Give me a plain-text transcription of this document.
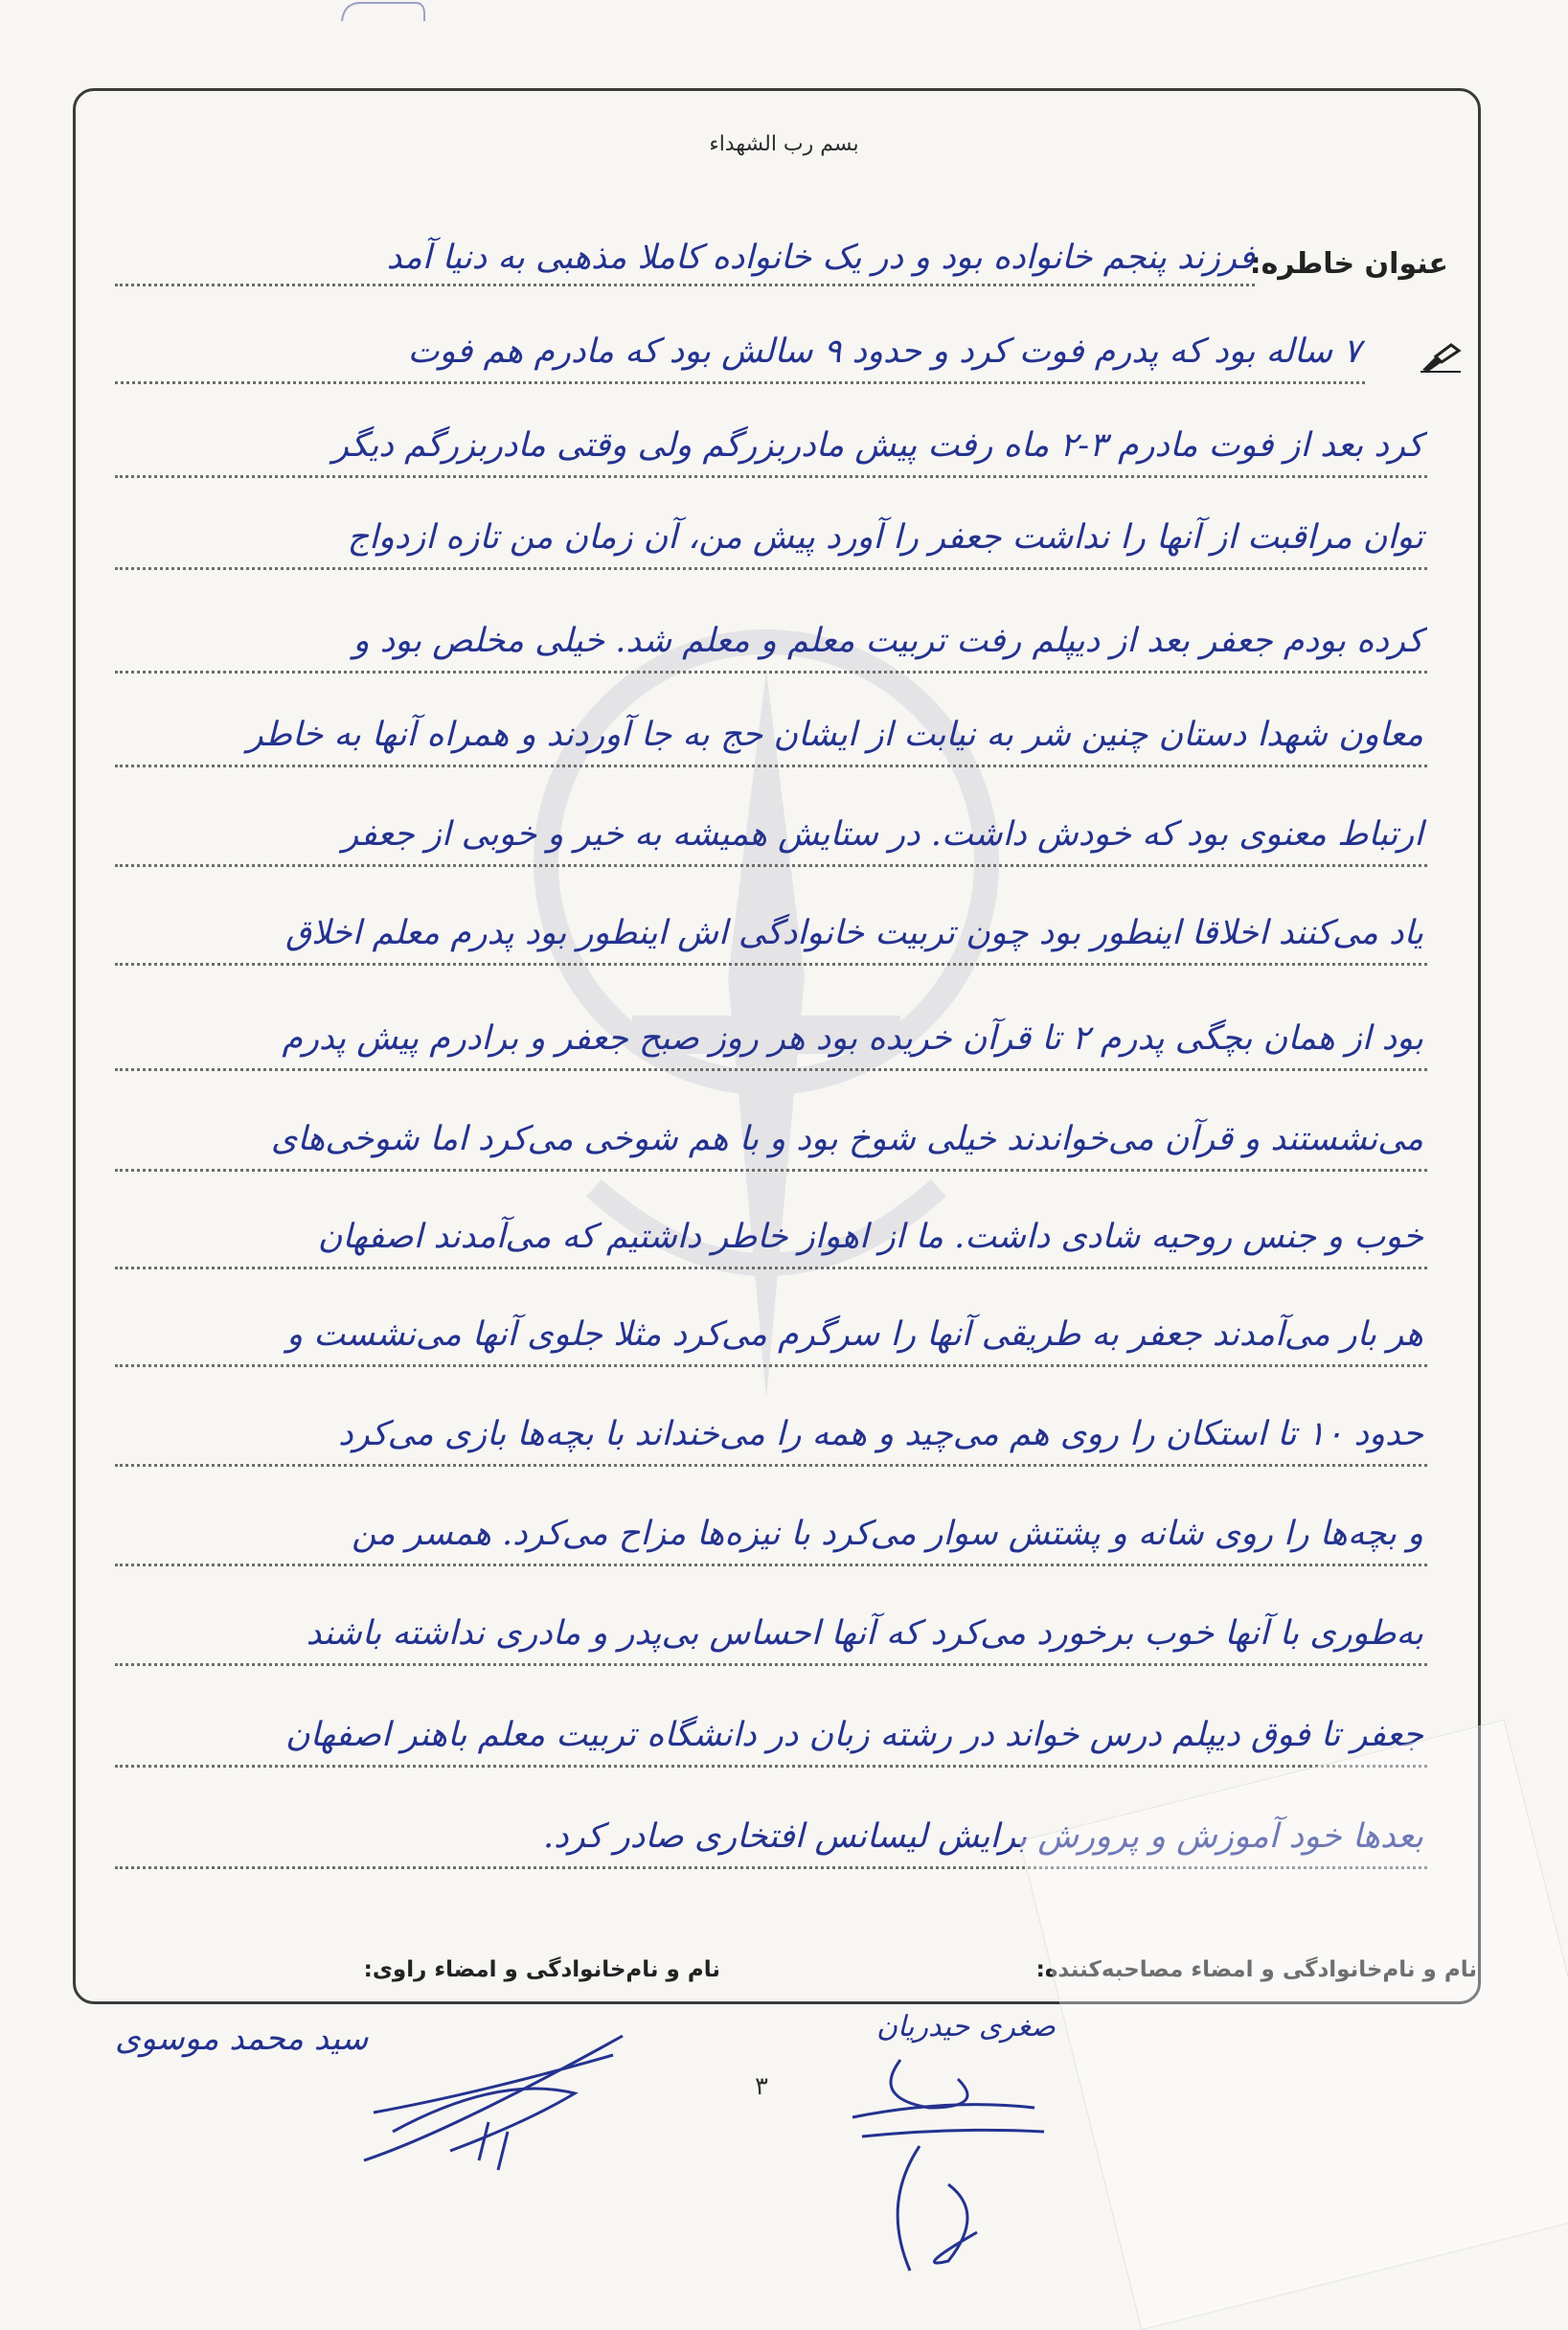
بسم رب الشهداء
عنوان خاطره:
فرزند پنجم خانواده بود و در یک خانواده کاملا مذهبی به دنیا آمد
۷ ساله بود که پدرم فوت کرد و حدود ۹ سالش بود که مادرم هم فوت
کرد بعد از فوت مادرم ۳-۲ ماه رفت پیش مادربزرگم ولی وقتی مادربزرگم دیگر
توان مراقبت از آنها را نداشت جعفر را آورد پیش من، آن زمان من تازه ازدواج
کرده بودم جعفر بعد از دیپلم رفت تربیت معلم و معلم شد. خیلی مخلص بود و
معاون شهدا دستان چنین شر به نیابت از ایشان حج به جا آوردند و همراه آنها به خاطر
ارتباط معنوی بود که خودش داشت. در ستایش همیشه به خیر و خوبی از جعفر
یاد می‌کنند اخلاقا اینطور بود چون تربیت خانوادگی اش اینطور بود پدرم معلم اخلاق
بود از همان بچگی پدرم ۲ تا قرآن خریده بود هر روز صبح جعفر و برادرم پیش پدرم
می‌نشستند و قرآن می‌خواندند خیلی شوخ بود و با هم شوخی می‌کرد اما شوخی‌های
خوب و جنس روحیه شادی داشت. ما از اهواز خاطر داشتیم که می‌آمدند اصفهان
هر بار می‌آمدند جعفر به طریقی آنها را سرگرم می‌کرد مثلا جلوی آنها می‌نشست و
حدود ۱۰ تا استکان را روی هم می‌چید و همه را می‌خنداند با بچه‌ها بازی می‌کرد
و بچه‌ها را روی شانه و پشتش سوار می‌کرد با نیزه‌ها مزاح می‌کرد. همسر من
به‌طوری با آنها خوب برخورد می‌کرد که آنها احساس بی‌پدر و مادری نداشته باشند
جعفر تا فوق دیپلم درس خواند در رشته زبان در دانشگاه تربیت معلم باهنر اصفهان
بعدها خود آموزش و پرورش برایش لیسانس افتخاری صادر کرد.
نام و نام‌خانوادگی و امضاء مصاحبه‌کننده:
نام و نام‌خانوادگی و امضاء راوی:
سید محمد موسوی	صغری حیدریان
۳
